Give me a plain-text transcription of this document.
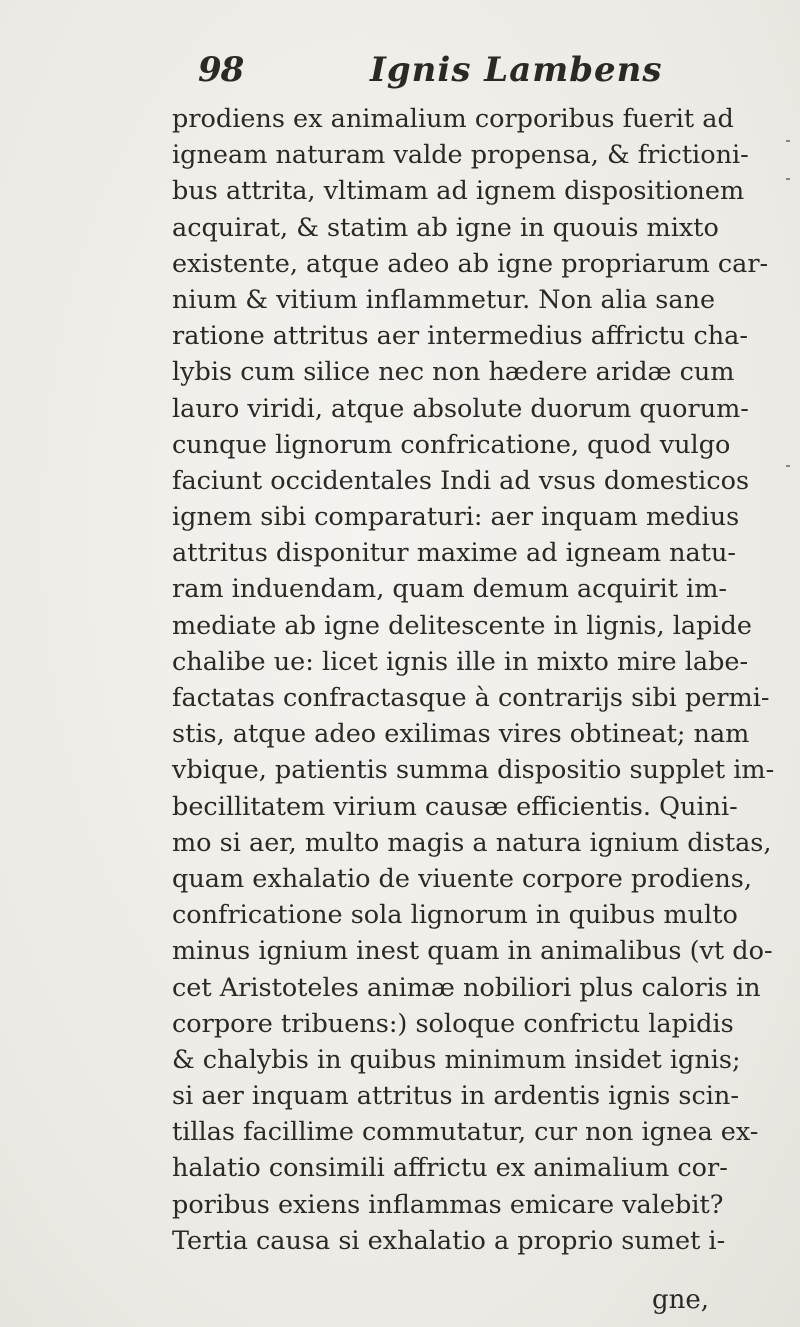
98	Ignis Lambens
prodiens ex animalium corporibus fuerit ad
igneam naturam valde propensa, & frictioni-
bus attrita, vltimam ad ignem dispositionem
acquirat, & statim ab igne in quouis mixto
existente, atque adeo ab igne propriarum car-
nium & vitium inflammetur. Non alia sane
ratione attritus aer intermedius affrictu cha-
lybis cum silice nec non hædere aridæ cum
lauro viridi, atque absolute duorum quorum-
cunque lignorum confricatione, quod vulgo
faciunt occidentales Indi ad vsus domesticos
ignem sibi comparaturi: aer inquam medius
attritus disponitur maxime ad igneam natu-
ram induendam, quam demum acquirit im-
mediate ab igne delitescente in lignis, lapide
chalibe ue: licet ignis ille in mixto mire labe-
factatas confractasque à contrarijs sibi permi-
stis, atque adeo exilimas vires obtineat; nam
vbique, patientis summa dispositio supplet im-
becillitatem virium causæ efficientis. Quini-
mo si aer, multo magis a natura ignium distas,
quam exhalatio de viuente corpore prodiens,
confricatione sola lignorum in quibus multo
minus ignium inest quam in animalibus (vt do-
cet Aristoteles animæ nobiliori plus caloris in
corpore tribuens:) soloque confrictu lapidis
& chalybis in quibus minimum insidet ignis;
si aer inquam attritus in ardentis ignis scin-
tillas facillime commutatur, cur non ignea ex-
halatio consimili affrictu ex animalium cor-
poribus exiens inflammas emicare valebit?
Tertia causa si exhalatio a proprio sumet i-
gne,
